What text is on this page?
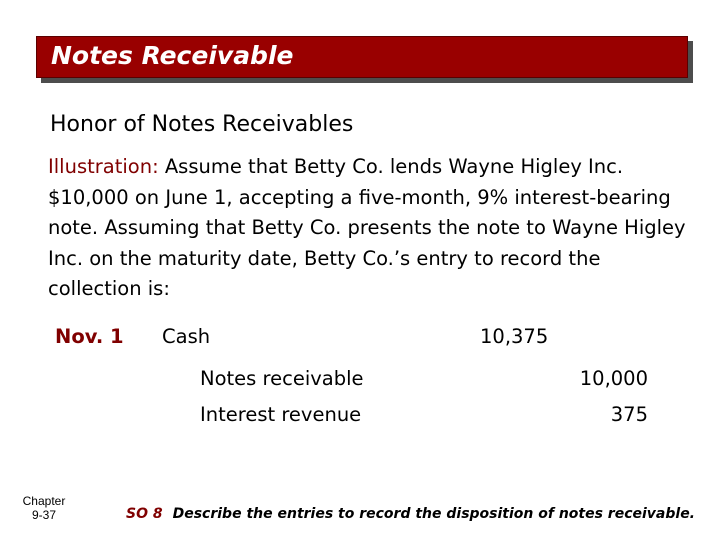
Notes Receivable
Honor of Notes Receivables
Illustration: Assume that Betty Co. lends Wayne Higley Inc. $10,000 on June 1, accepting a five-month, 9% interest-bearing note. Assuming that Betty Co. presents the note to Wayne Higley Inc. on the maturity date, Betty Co.’s entry to record the collection is:
Nov. 1 Cash	10,375
Notes receivable	10,000
Interest revenue	375
Chapter
9-37	SO 8 Describe the entries to record the disposition of notes receivable.
